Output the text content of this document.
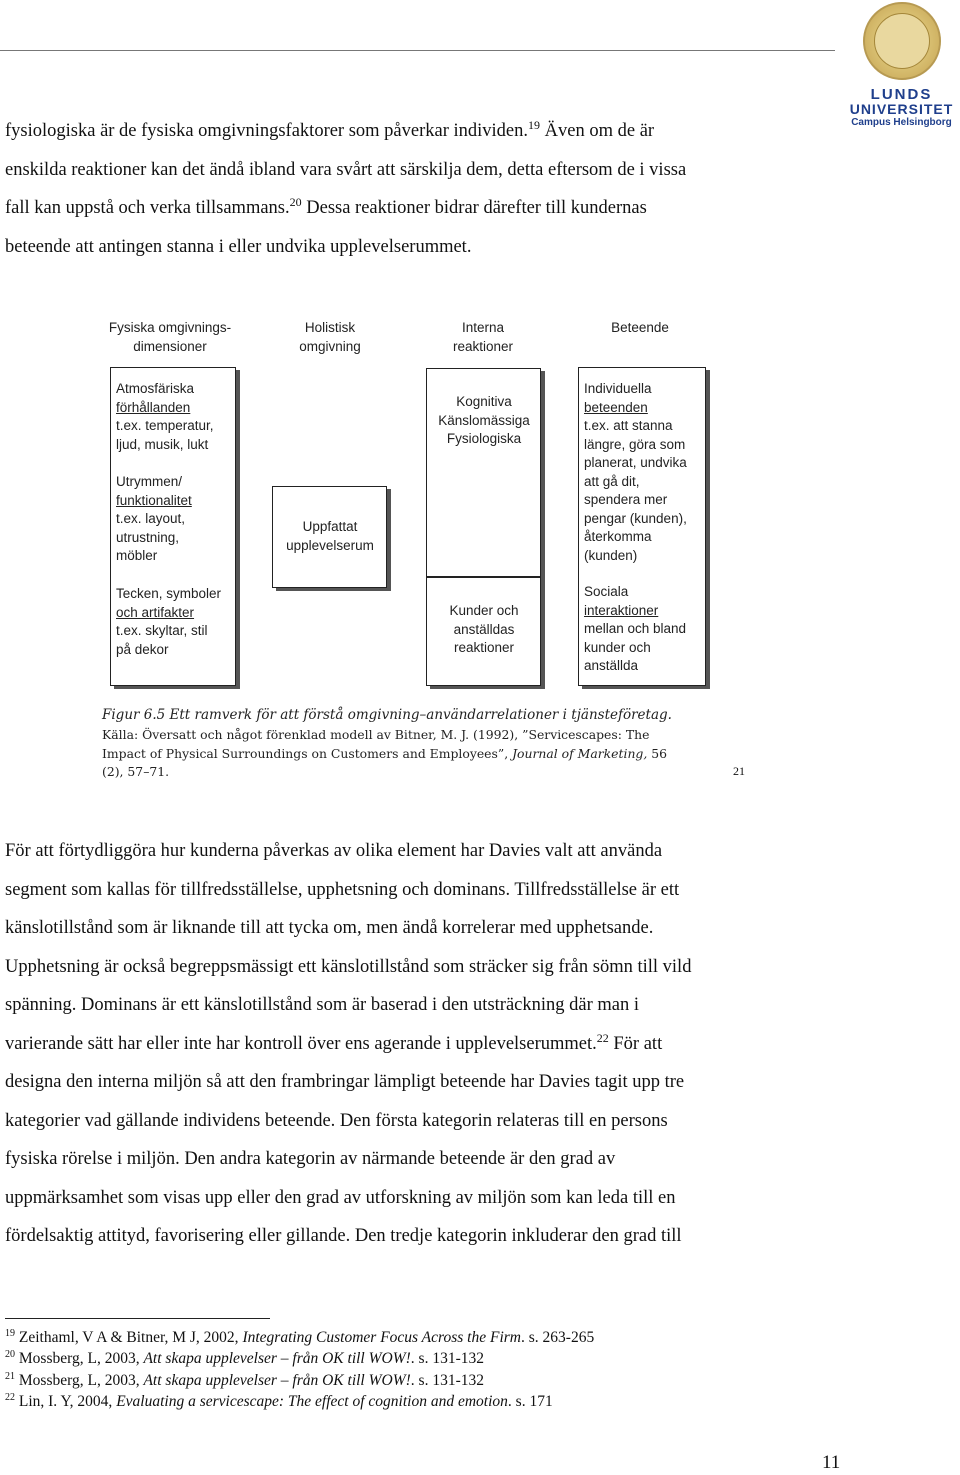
LUNDS
UNIVERSITET
Campus Helsingborg

fysiologiska är de fysiska omgivningsfaktorer som påverkar individen.$^{19}$ Även om de är

enskilda reaktioner kan det ändå ibland vara svårt att särskilja dem, detta eftersom de i vissa

fall kan uppstå och verka tillsammans.$^{20}$ Dessa reaktioner bidrar därefter till kundernas

beteende att antingen stanna i eller undvika upplevelserummet.

Fysiska omgivnings-
dimensioner
Holistisk
omgivning
Interna
reaktioner
Beteende
Atmosfäriska
förhållanden
t.ex. temperatur,
ljud, musik, lukt
Utrymmen/
funktionalitet
t.ex. layout,
utrustning,
möbler
Tecken, symboler
och artifakter
t.ex. skyltar, stil
på dekor
Uppfattat
upplevelserum
Kognitiva
Känslomässiga
Fysiologiska
Kunder och
anställdas
reaktioner
Individuella
beteenden
t.ex. att stanna
längre, göra som
planerat, undvika
att gå dit,
spendera mer
pengar (kunden),
återkomma
(kunden)
Sociala
interaktioner
mellan och bland
kunder och
anställda
Figur 6.5 Ett ramverk för att förstå omgivning–användarrelationer i tjänsteföretag.
Källa: Översatt och något förenklad modell av Bitner, M. J. (1992), ”Servicescapes: The
Impact of Physical Surroundings on Customers and Employees”, Journal of Marketing, 56
(2), 57–71.	21

För att förtydliggöra hur kunderna påverkas av olika element har Davies valt att använda

segment som kallas för tillfredsställelse, upphetsning och dominans. Tillfredsställelse är ett

känslotillstånd som är liknande till att tycka om, men ändå korrelerar med upphetsande.

Upphetsning är också begreppsmässigt ett känslotillstånd som sträcker sig från sömn till vild

spänning. Dominans är ett känslotillstånd som är baserad i den utsträckning där man i

varierande sätt har eller inte har kontroll över ens agerande i upplevelserummet.$^{22}$ För att

designa den interna miljön så att den frambringar lämpligt beteende har Davies tagit upp tre

kategorier vad gällande individens beteende. Den första kategorin relateras till en persons

fysiska rörelse i miljön. Den andra kategorin av närmande beteende är den grad av

uppmärksamhet som visas upp eller den grad av utforskning av miljön som kan leda till en

fördelsaktig attityd, favorisering eller gillande. Den tredje kategorin inkluderar den grad till

$^{19}$ Zeithaml, V A & Bitner, M J, 2002, Integrating Customer Focus Across the Firm. s. 263-265
$^{20}$ Mossberg, L, 2003, Att skapa upplevelser – från OK till WOW!. s. 131-132
$^{21}$ Mossberg, L, 2003, Att skapa upplevelser – från OK till WOW!. s. 131-132
$^{22}$ Lin, I. Y, 2004, Evaluating a servicescape: The effect of cognition and emotion. s. 171
11
